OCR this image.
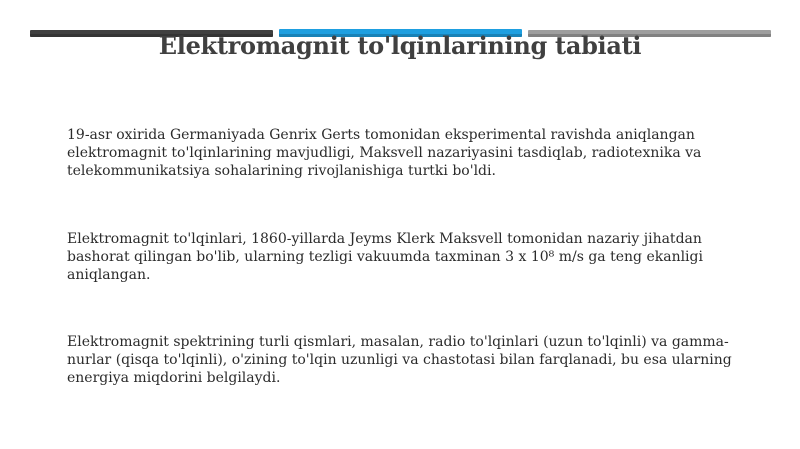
Elektromagnit to'lqinlarining tabiati

19-asr oxirida Germaniyada Genrix Gerts tomonidan eksperimental ravishda aniqlangan elektromagnit to'lqinlarining mavjudligi, Maksvell nazariyasini tasdiqlab, radiotexnika va telekommunikatsiya sohalarining rivojlanishiga turtki bo'ldi.

Elektromagnit to'lqinlari, 1860-yillarda Jeyms Klerk Maksvell tomonidan nazariy jihatdan bashorat qilingan bo'lib, ularning tezligi vakuumda taxminan 3 x 10⁸ m/s ga teng ekanligi aniqlangan.

Elektromagnit spektrining turli qismlari, masalan, radio to'lqinlari (uzun to'lqinli) va gamma-nurlar (qisqa to'lqinli), o'zining to'lqin uzunligi va chastotasi bilan farqlanadi, bu esa ularning energiya miqdorini belgilaydi.
